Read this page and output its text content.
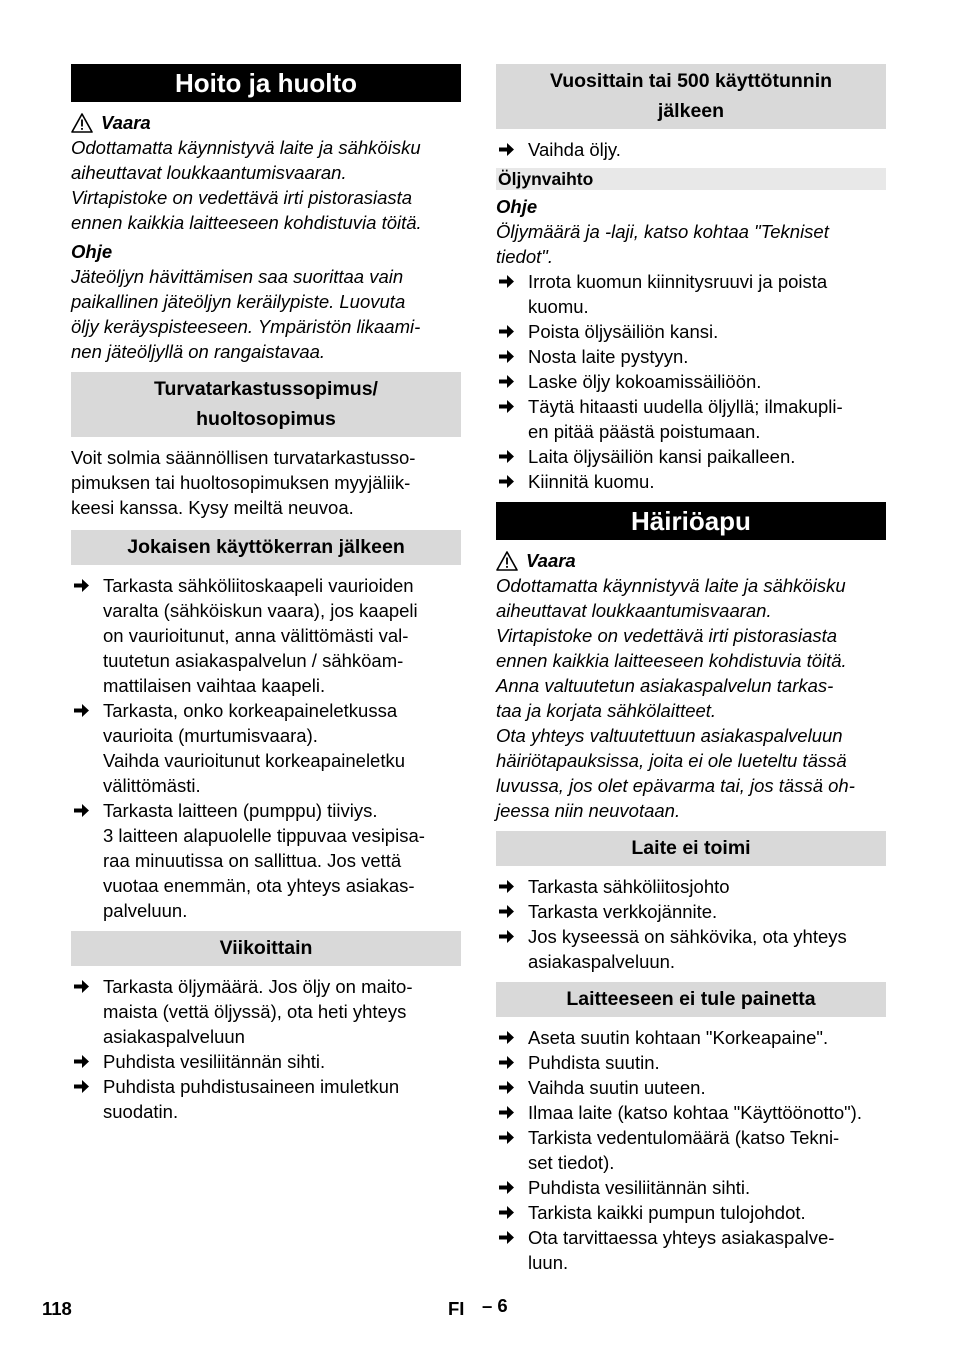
Hoito ja huolto
Vaara

Odottamatta käynnistyvä laite ja sähköisku

aiheuttavat loukkaantumisvaaran.

Virtapistoke on vedettävä irti pistorasiasta

ennen kaikkia laitteeseen kohdistuvia töitä.

Ohje

Jäteöljyn hävittämisen saa suorittaa vain

paikallinen jäteöljyn keräilypiste. Luovuta

öljy keräyspisteeseen. Ympäristön likaami-

nen jäteöljyllä on rangaistavaa.

Turvatarkastussopimus/
huoltosopimus

Voit solmia säännöllisen turvatarkastusso-

pimuksen tai huoltosopimuksen myyjäliik-

keesi kanssa. Kysy meiltä neuvoa.

Jokaisen käyttökerran jälkeen
Tarkasta sähköliitoskaapeli vaurioiden
varalta (sähköiskun vaara), jos kaapeli
on vaurioitunut, anna välittömästi val-
tuutetun asiakaspalvelun / sähköam-
mattilaisen vaihtaa kaapeli.
Tarkasta, onko korkeapaineletkussa
vaurioita (murtumisvaara).
Vaihda vaurioitunut korkeapaineletku
välittömästi.
Tarkasta laitteen (pumppu) tiiviys.
3 laitteen alapuolelle tippuvaa vesipisa-
raa minuutissa on sallittua. Jos vettä
vuotaa enemmän, ota yhteys asiakas-
palveluun.
Viikoittain
Tarkasta öljymäärä. Jos öljy on maito-
maista (vettä öljyssä), ota heti yhteys
asiakaspalveluun
Puhdista vesiliitännän sihti.
Puhdista puhdistusaineen imuletkun
suodatin.
Vuosittain tai 500 käyttötunnin
jälkeen
Vaihda öljy.
Öljynvaihto
Ohje

Öljymäärä ja -laji, katso kohtaa "Tekniset

tiedot".

Irrota kuomun kiinnitysruuvi ja poista
kuomu.
Poista öljysäiliön kansi.
Nosta laite pystyyn.
Laske öljy kokoamissäiliöön.
Täytä hitaasti uudella öljyllä; ilmakupli-
en pitää päästä poistumaan.
Laita öljysäiliön kansi paikalleen.
Kiinnitä kuomu.
Häiriöapu
Vaara

Odottamatta käynnistyvä laite ja sähköisku

aiheuttavat loukkaantumisvaaran.

Virtapistoke on vedettävä irti pistorasiasta

ennen kaikkia laitteeseen kohdistuvia töitä.

Anna valtuutetun asiakaspalvelun tarkas-

taa ja korjata sähkölaitteet.

Ota yhteys valtuutettuun asiakaspalveluun

häiriötapauksissa, joita ei ole lueteltu tässä

luvussa, jos olet epävarma tai, jos tässä oh-

jeessa niin neuvotaan.

Laite ei toimi
Tarkasta sähköliitosjohto
Tarkasta verkkojännite.
Jos kyseessä on sähkövika, ota yhteys
asiakaspalveluun.
Laitteeseen ei tule painetta
Aseta suutin kohtaan "Korkeapaine".
Puhdista suutin.
Vaihda suutin uuteen.
Ilmaa laite (katso kohtaa "Käyttöönotto").
Tarkista vedentulomäärä (katso Tekni-
set tiedot).
Puhdista vesiliitännän sihti.
Tarkista kaikki pumpun tulojohdot.
Ota tarvittaessa yhteys asiakaspalve-
luun.
118	FI – 6
